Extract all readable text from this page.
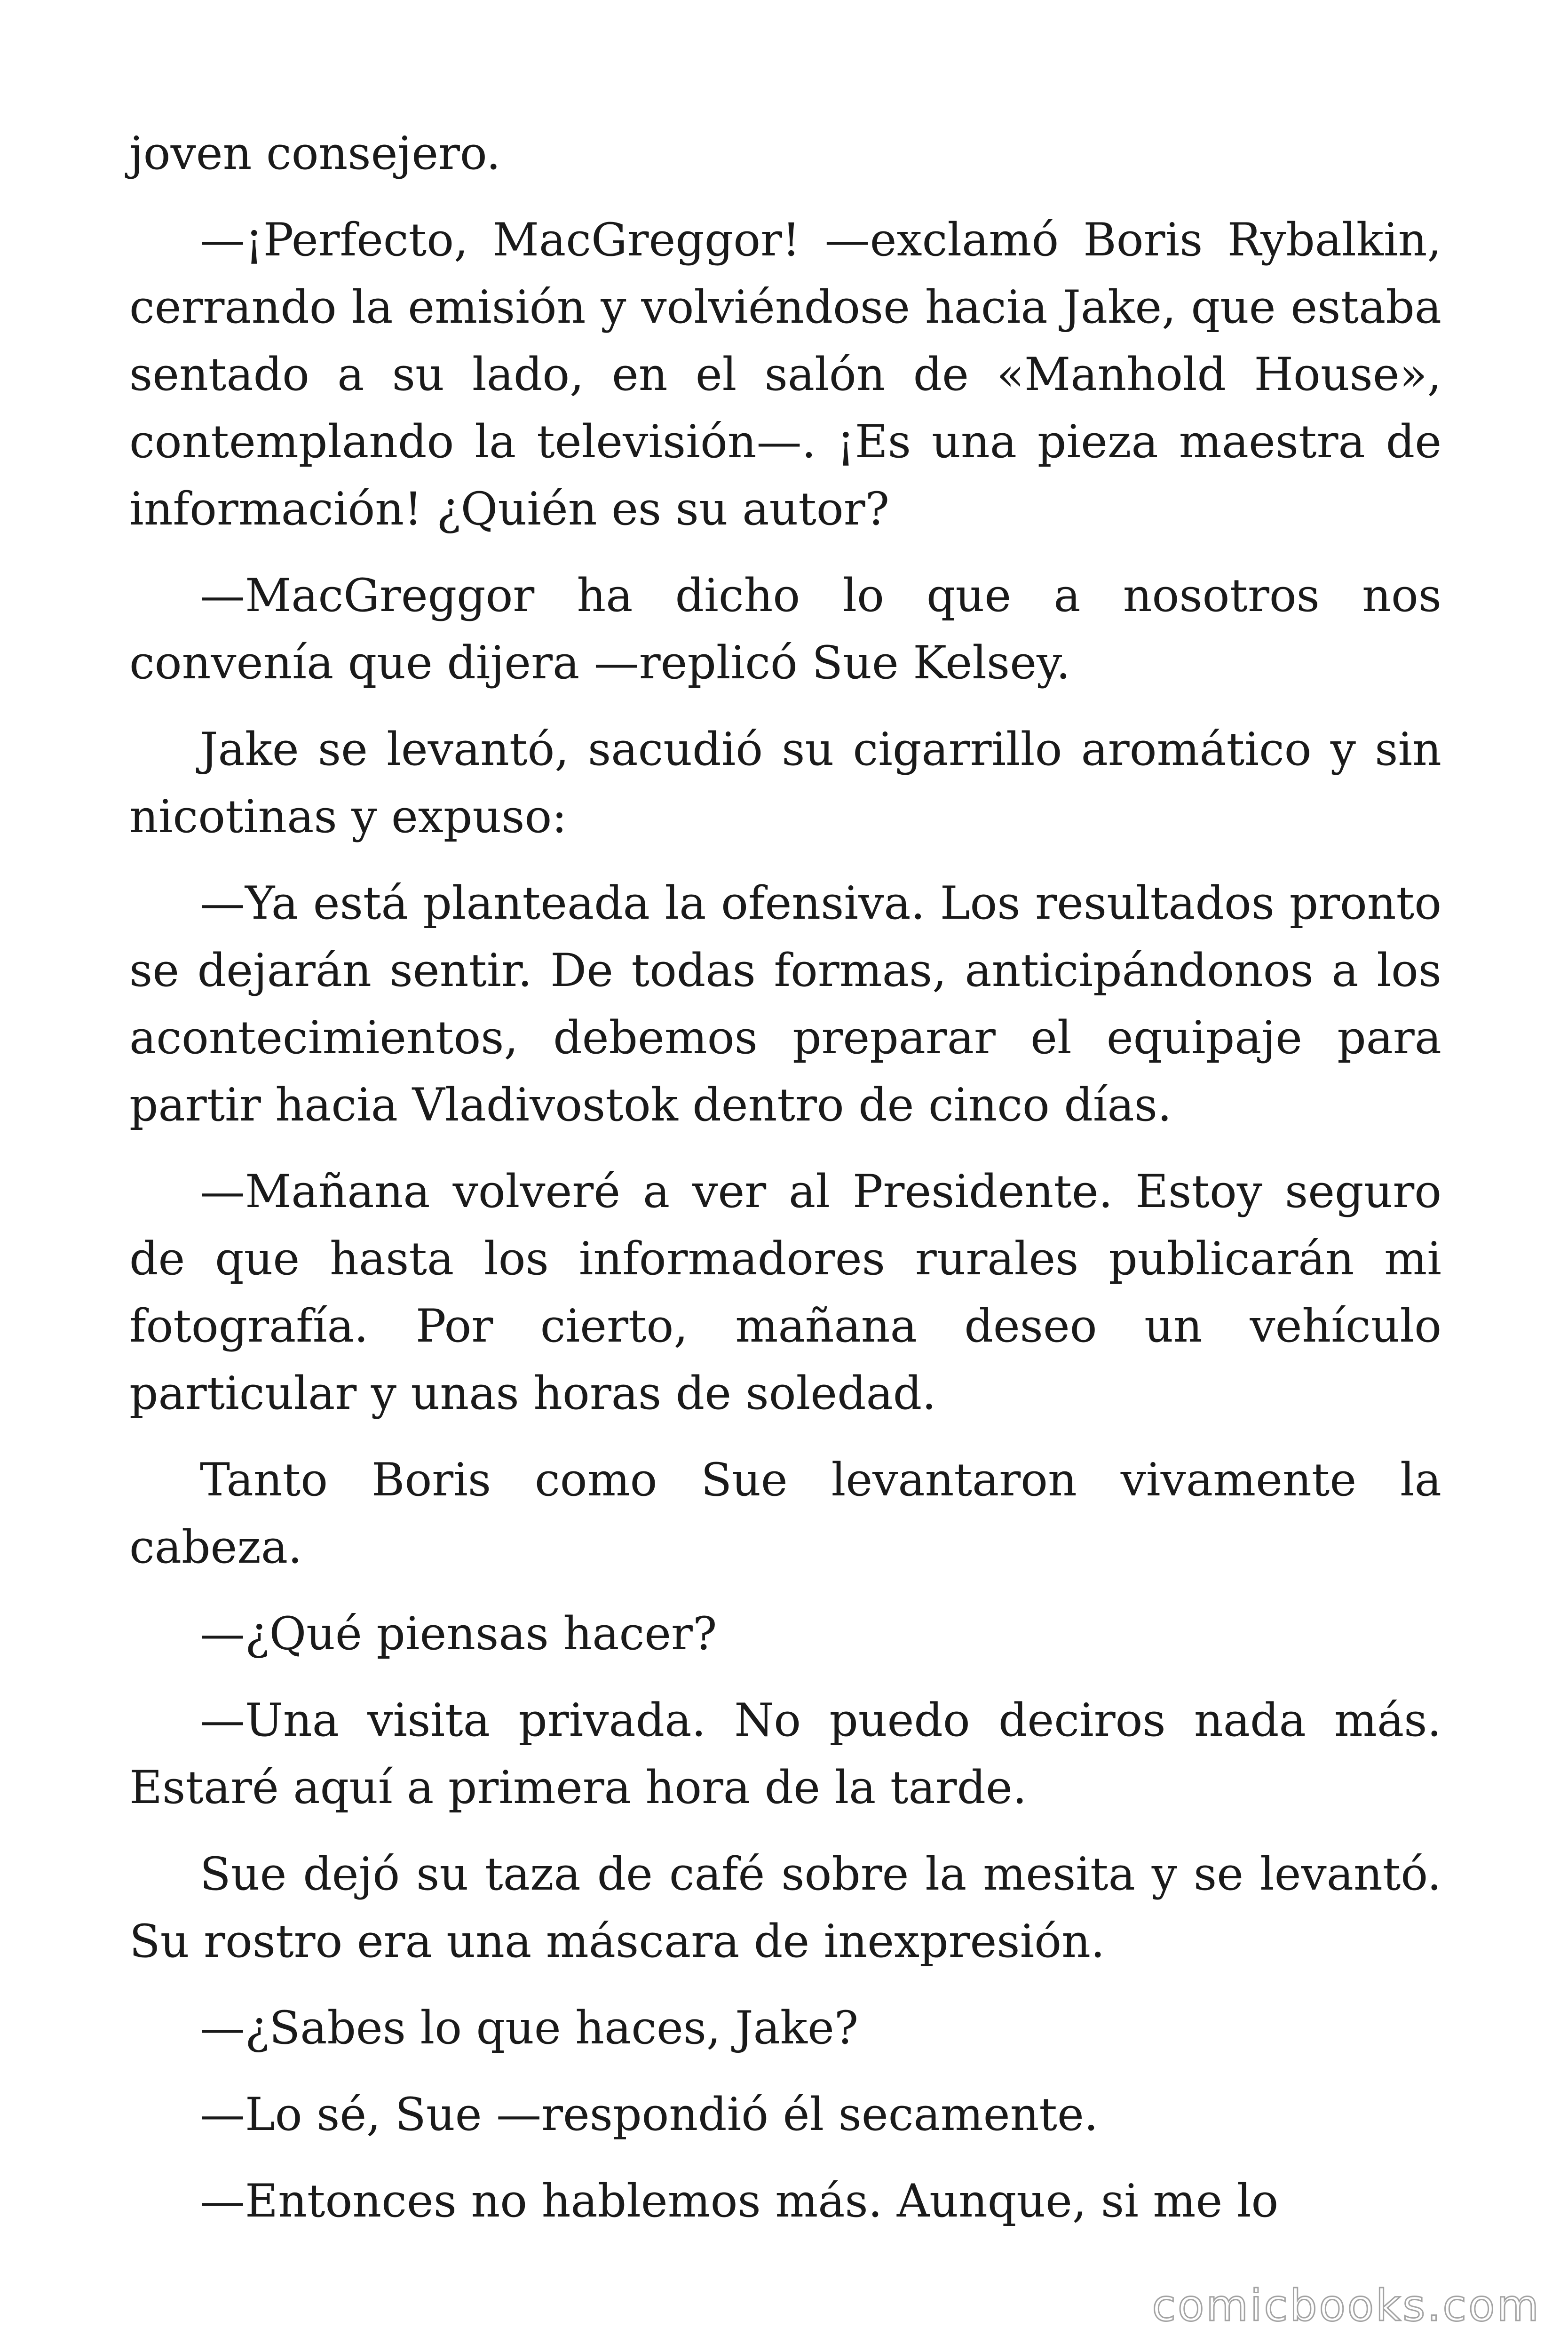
joven consejero.

—¡Perfecto, MacGreggor! —exclamó Boris Rybalkin, cerrando la emisión y volviéndose hacia Jake, que estaba sentado a su lado, en el salón de «Manhold House», contemplando la televisión—. ¡Es una pieza maestra de información! ¿Quién es su autor?

—MacGreggor ha dicho lo que a nosotros nos convenía que dijera —replicó Sue Kelsey.

Jake se levantó, sacudió su cigarrillo aromático y sin nicotinas y expuso:

—Ya está planteada la ofensiva. Los resultados pronto se dejarán sentir. De todas formas, anticipándonos a los acontecimientos, debemos preparar el equipaje para partir hacia Vladivostok dentro de cinco días.

—Mañana volveré a ver al Presidente. Estoy seguro de que hasta los informadores rurales publicarán mi fotografía. Por cierto, mañana deseo un vehículo particular y unas horas de soledad.

Tanto Boris como Sue levantaron vivamente la cabeza.

—¿Qué piensas hacer?

—Una visita privada. No puedo deciros nada más. Estaré aquí a primera hora de la tarde.

Sue dejó su taza de café sobre la mesita y se levantó. Su rostro era una máscara de inexpresión.

—¿Sabes lo que haces, Jake?

—Lo sé, Sue —respondió él secamente.

—Entonces no hablemos más. Aunque, si me lo

comicbooks.com
